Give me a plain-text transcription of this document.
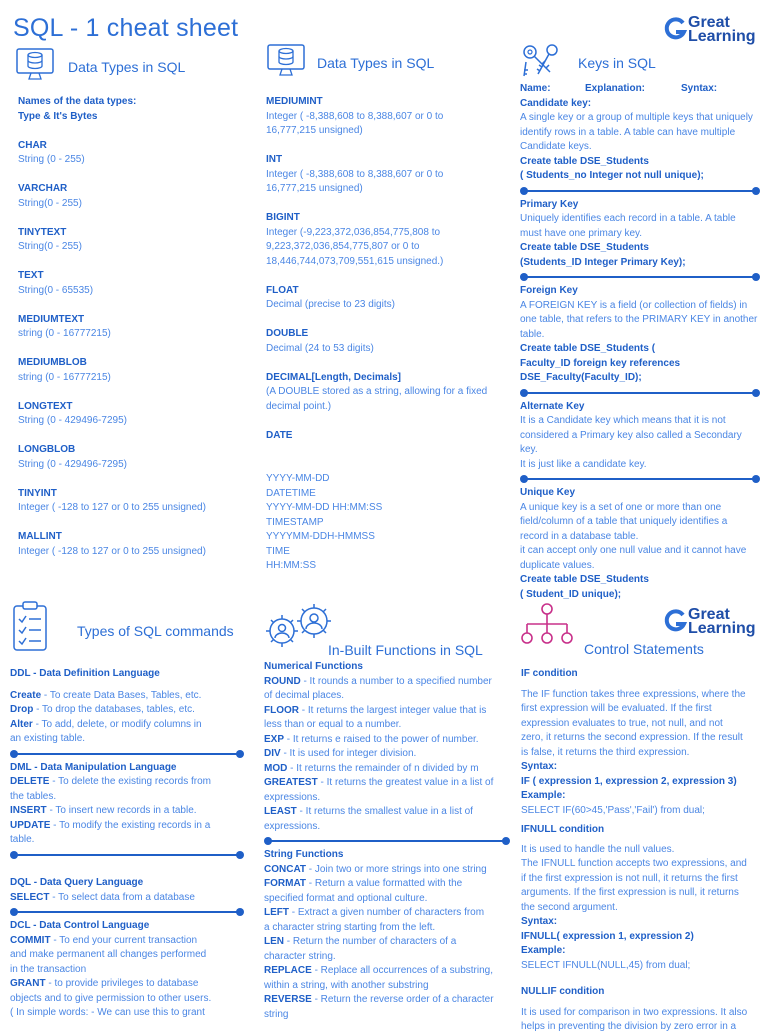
SQL - 1 cheat sheet	Great
Learning
Data Types in SQL

Names of the data types:

Type & It's Bytes

CHAR

String (0 - 255)

VARCHAR

String(0 - 255)

TINYTEXT

String(0 - 255)

TEXT

String(0 - 65535)

MEDIUMTEXT

string (0 - 16777215)

MEDIUMBLOB

string (0 - 16777215)

LONGTEXT

String (0 - 429496-7295)

LONGBLOB

String (0 - 429496-7295)

TINYINT

Integer ( -128 to 127 or 0 to 255 unsigned)

MALLINT

Integer ( -128 to 127 or 0 to 255 unsigned)

Data Types in SQL

MEDIUMINT

Integer ( -8,388,608 to 8,388,607 or 0 to

16,777,215 unsigned)

INT

Integer ( -8,388,608 to 8,388,607 or 0 to

16,777,215 unsigned)

BIGINT

Integer (-9,223,372,036,854,775,808 to

9,223,372,036,854,775,807 or 0 to

18,446,744,073,709,551,615 unsigned.)

FLOAT

Decimal (precise to 23 digits)

DOUBLE

Decimal (24 to 53 digits)

DECIMAL[Length, Decimals]

(A DOUBLE stored as a string, allowing for a fixed

decimal point.)

DATE

YYYY-MM-DD

DATETIME

YYYY-MM-DD HH:MM:SS

TIMESTAMP

YYYYMM-DDH-HMMSS

TIME

HH:MM:SS

Keys in SQL

Name:	Explanation:	Syntax:

Candidate key:

A single key or a group of multiple keys that uniquely

identify rows in a table. A table can have multiple

Candidate keys.

Create table DSE_Students

( Students_no Integer not null unique);

Primary Key

Uniquely identifies each record in a table. A table

must have one primary key.

Create table DSE_Students

(Students_ID Integer Primary Key);

Foreign Key

A FOREIGN KEY is a field (or collection of fields) in

one table, that refers to the PRIMARY KEY in another

table.

Create table DSE_Students (

Faculty_ID foreign key references

DSE_Faculty(Faculty_ID);

Alternate Key

It is a Candidate key which means that it is not

considered a Primary key also called a Secondary key.

It is just like a candidate key.

Unique Key

A unique key is a set of one or more than one

field/column of a table that uniquely identifies a

record in a database table.

it can accept only one null value and it cannot have

duplicate values.

Create table DSE_Students

( Student_ID unique);

Types of SQL commands

DDL - Data Definition Language

Create - To create Data Bases, Tables, etc.

Drop - To drop the databases, tables, etc.

Alter - To add, delete, or modify columns in

an existing table.

DML - Data Manipulation Language

DELETE - To delete the existing records from

the tables.

INSERT - To insert new records in a table.

UPDATE - To modify the existing records in a

table.

DQL - Data Query Language

SELECT - To select data from a database

DCL - Data Control Language

COMMIT - To end your current transaction

and make permanent all changes performed

in the transaction

GRANT - to provide privileges to database

objects and to give permission to other users.

( In simple words: - We can use this to grant

In-Built Functions in SQL

Numerical Functions

ROUND - It rounds a number to a specified number

of decimal places.

FLOOR - It returns the largest integer value that is

less than or equal to a number.

EXP - It returns e raised to the power of number.

DIV - It is used for integer division.

MOD - It returns the remainder of n divided by m

GREATEST - It returns the greatest value in a list of

expressions.

LEAST - It returns the smallest value in a list of

expressions.

String Functions

CONCAT - Join two or more strings into one string

FORMAT - Return a value formatted with the

specified format and optional culture.

LEFT - Extract a given number of characters from

a character string starting from the left.

LEN - Return the number of characters of a

character string.

REPLACE - Replace all occurrences of a substring,

within a string, with another substring

REVERSE - Return the reverse order of a character

string

Great
Learning
Control Statements

IF condition

The IF function takes three expressions, where the

first expression will be evaluated. If the first

expression evaluates to true, not null, and not

zero, it returns the second expression. If the result

is false, it returns the third expression.

Syntax:

IF ( expression 1, expression 2, expression 3)

Example:

SELECT IF(60>45,'Pass','Fail') from dual;

IFNULL condition

It is used to handle the null values.

The IFNULL function accepts two expressions, and

if the first expression is not null, it returns the first

arguments. If the first expression is null, it returns

the second argument.

Syntax:

IFNULL( expression 1, expression 2)

Example:

SELECT IFNULL(NULL,45) from dual;

NULLIF condition

It is used for comparison in two expressions. It also

helps in preventing the division by zero error in a
